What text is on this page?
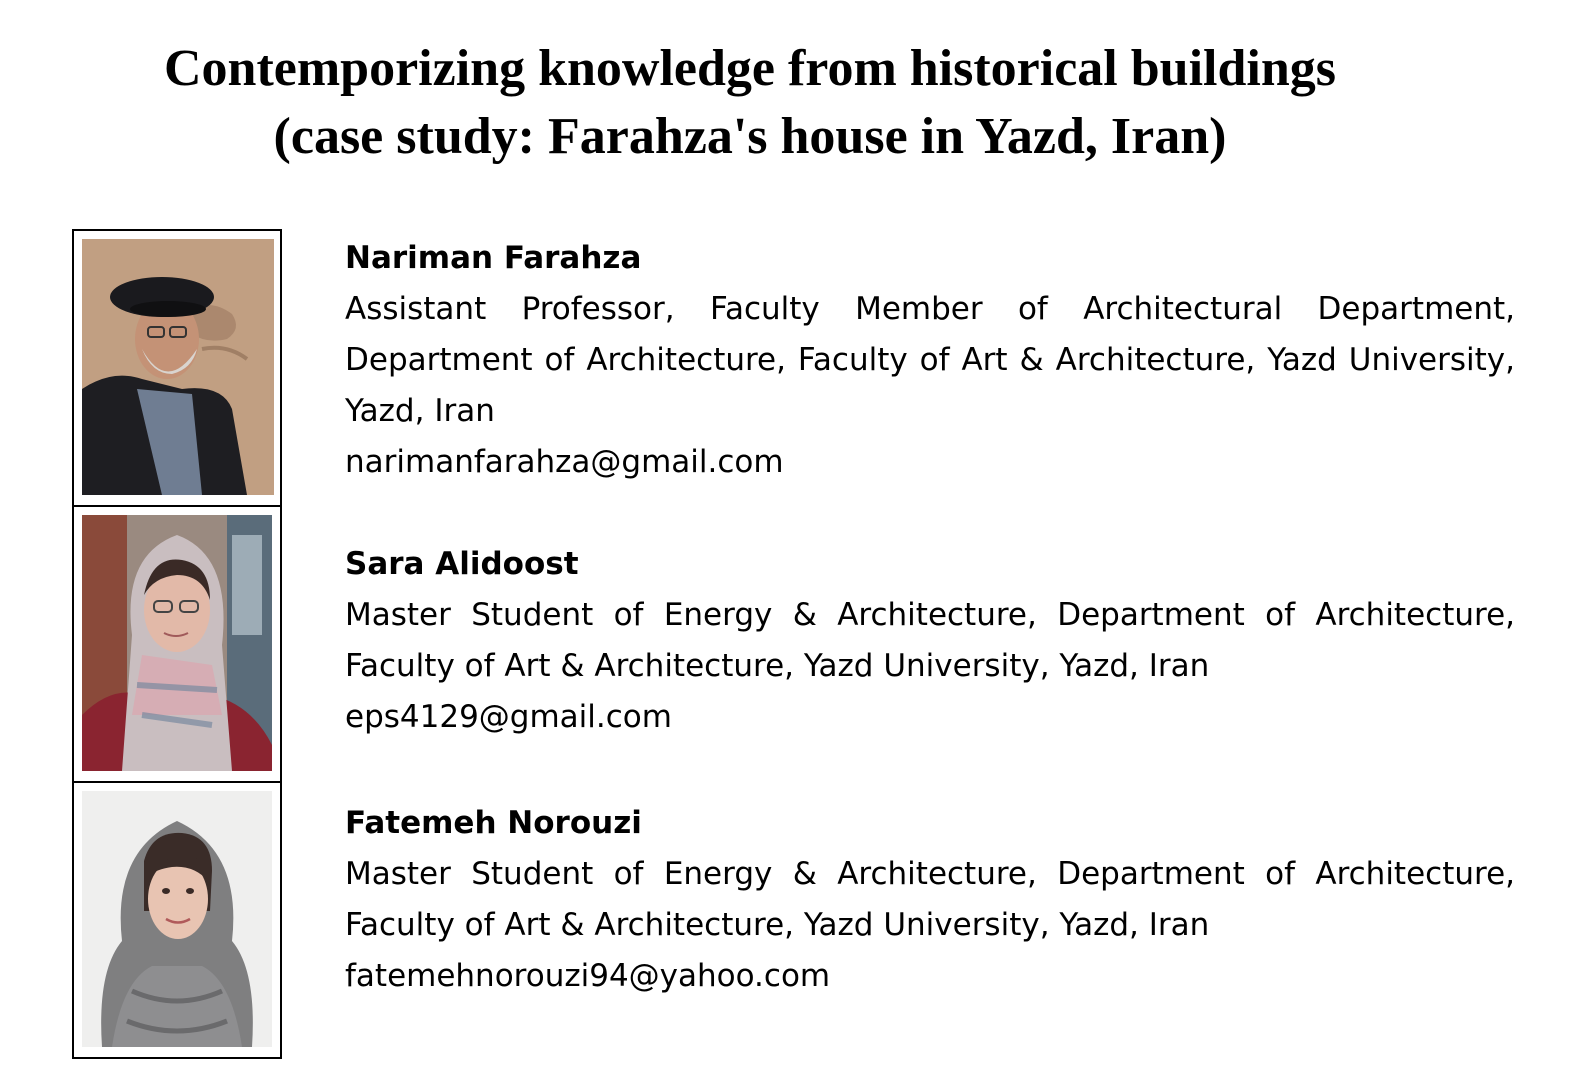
Contemporizing knowledge from historical buildings
(case study: Farahza's house in Yazd, Iran)
Nariman Farahza
Assistant Professor, Faculty Member of Architectural Department, Department of Architecture, Faculty of Art & Architecture, Yazd University, Yazd, Iran
narimanfarahza@gmail.com
Sara Alidoost
Master Student of Energy & Architecture, Department of Architecture, Faculty of Art & Architecture, Yazd University, Yazd, Iran
eps4129@gmail.com
Fatemeh Norouzi
Master Student of Energy & Architecture, Department of Architecture, Faculty of Art & Architecture, Yazd University, Yazd, Iran
fatemehnorouzi94@yahoo.com
